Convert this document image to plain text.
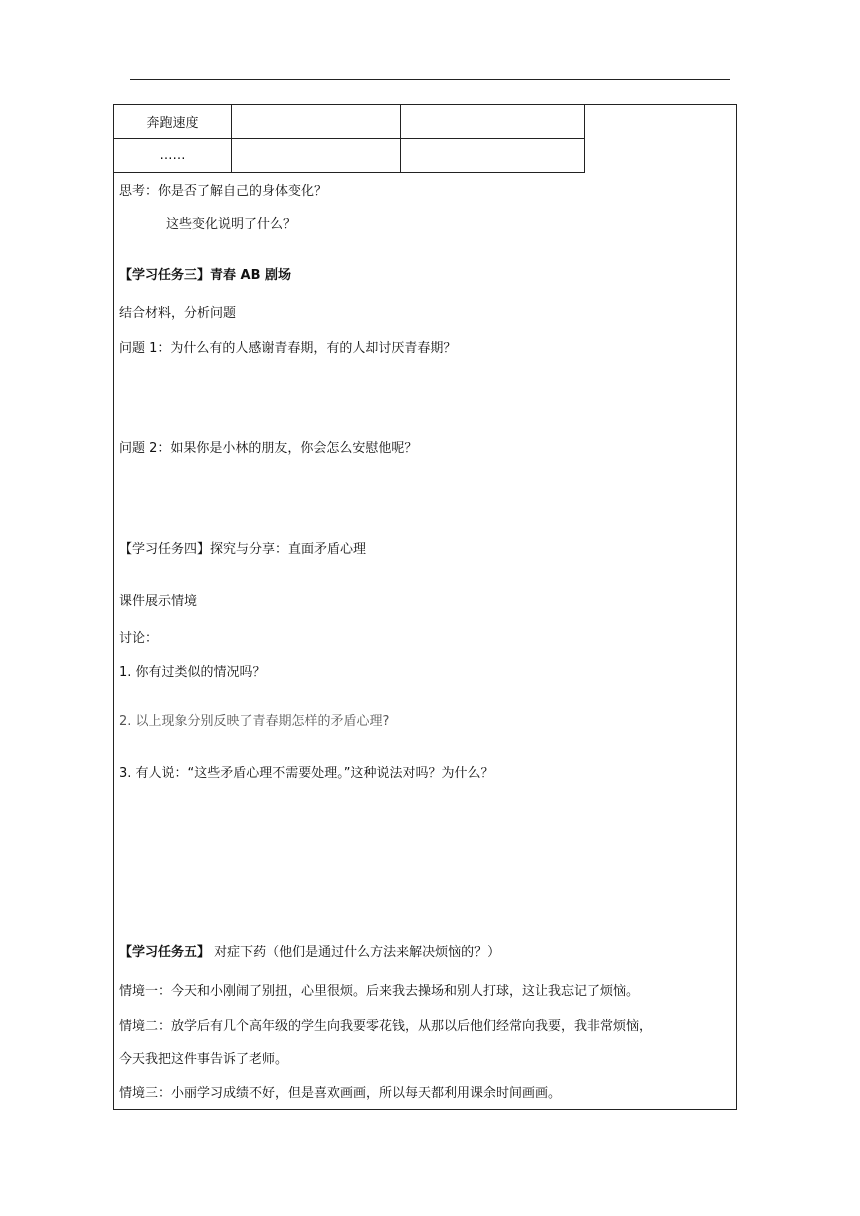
奔跑速度		
……		
思考：你是否了解自己的身体变化？
这些变化说明了什么？
【学习任务三】青春 AB 剧场
结合材料，分析问题
问题 1：为什么有的人感谢青春期，有的人却讨厌青春期？
问题 2：如果你是小林的朋友，你会怎么安慰他呢？
【学习任务四】探究与分享：直面矛盾心理
课件展示情境
讨论：
1. 你有过类似的情况吗？
2. 以上现象分别反映了青春期怎样的矛盾心理?
3. 有人说：“这些矛盾心理不需要处理。”这种说法对吗？为什么？
【学习任务五】 对症下药（他们是通过什么方法来解决烦恼的？）
情境一：今天和小刚闹了别扭，心里很烦。后来我去操场和别人打球，这让我忘记了烦恼。
情境二：放学后有几个高年级的学生向我要零花钱，从那以后他们经常向我要，我非常烦恼，
今天我把这件事告诉了老师。
情境三：小丽学习成绩不好，但是喜欢画画，所以每天都利用课余时间画画。
